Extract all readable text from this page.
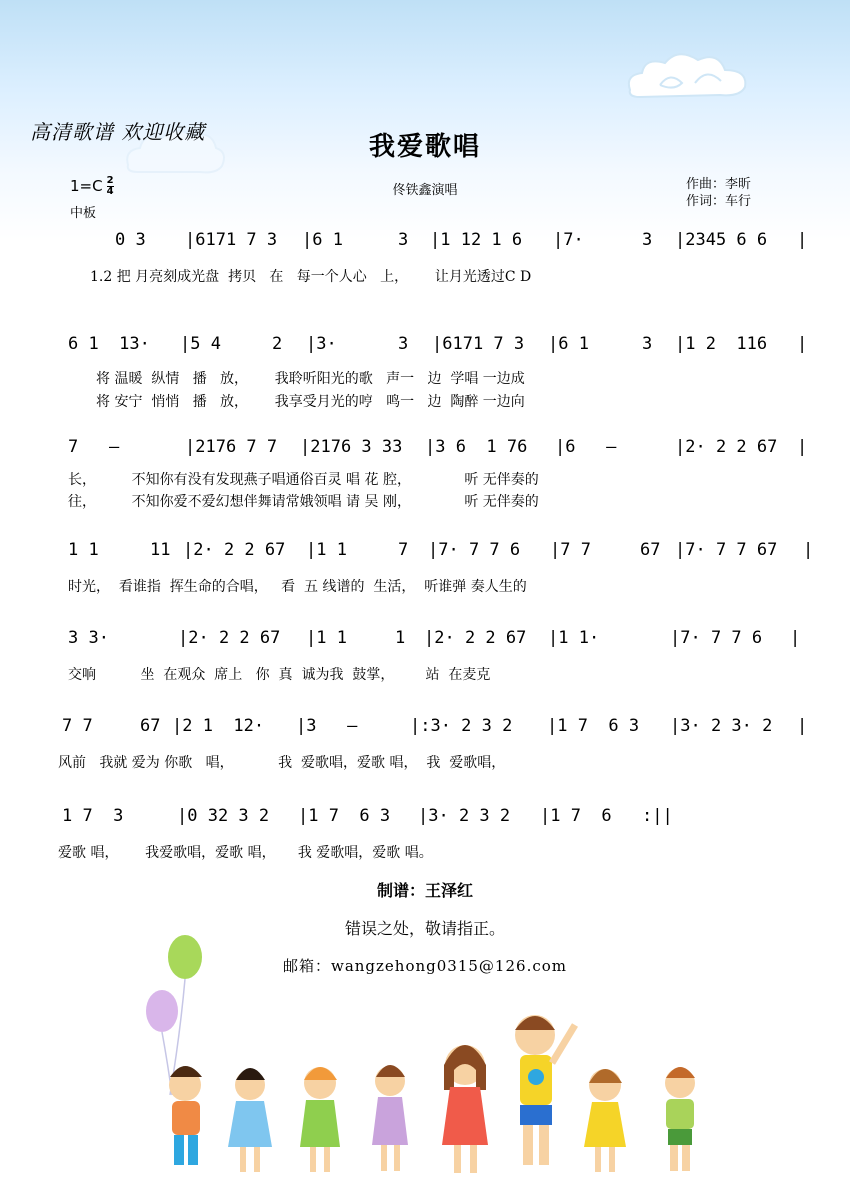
高清歌谱 欢迎收藏	我爱歌唱
$1=C \frac{2}{4}$
中板
佟铁鑫演唱	作曲：李昕
作词：车行
0 3 |6171 7 3 |6 1	3 |1 12 1 6 |7·	3 |2345 6 6 |
1.2 把 月亮刻成光盘  拷贝   在   每一个人心   上，      让月光透过C D
6 1  13· |5 4	2 |3·	3 |6171 7 3 |6 1	3 |1 2  116 |
将 温暖  纵情   播   放，      我聆听阳光的歌   声一   边  学唱 一边成
将 安宁  悄悄   播   放，      我享受月光的哼   鸣一   边  陶醉 一边向
7   –	|2176 7 7 |2176 3 33 |3 6  1 76 |6   –	|2· 2 2 67 |
长，        不知你有没有发现燕子唱通俗百灵 唱 花 腔，            听 无伴奏的
往，        不知你爱不爱幻想伴舞请常娥领唱 请 吴 刚，            听 无伴奏的
1 1	11 |2· 2 2 67 |1 1	7 |7· 7 7 6 |7 7	67 |7· 7 7 67 |
时光，  看谁指  挥生命的合唱，   看  五 线谱的  生活，  听谁弹 奏人生的
3 3·	|2· 2 2 67 |1 1	1 |2· 2 2 67 |1 1·	|7· 7 7 6 |
交响          坐  在观众  席上   你  真  诚为我  鼓掌，       站  在麦克
7 7	67 |2 1  12· |3   –	|:3· 2 3 2 |1 7  6 3 |3· 2 3· 2 |
风前   我就 爱为 你歌   唱，          我  爱歌唱，爱歌 唱，  我  爱歌唱，
1 7  3	|0 32 3 2 |1 7  6 3 |3· 2 3 2 |1 7  6 :||
爱歌 唱，      我爱歌唱，爱歌 唱，     我 爱歌唱，爱歌 唱。
制谱：王泽红
错误之处，敬请指正。
邮箱：wangzehong0315@126.com
